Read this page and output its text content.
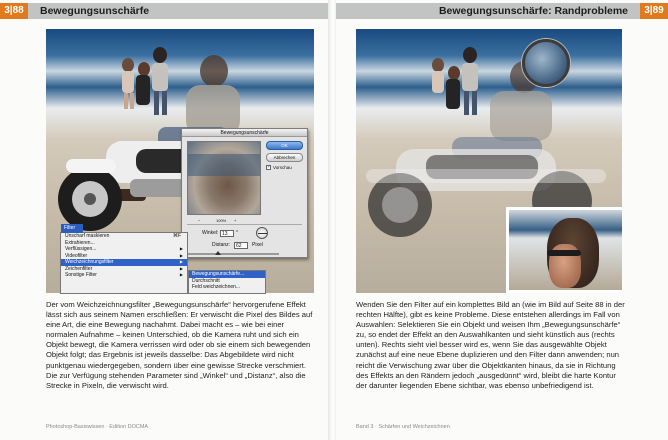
3|88	Bewegungsunschärfe
Bewegungsunschärfe
OK
Abbrechen
✓
Vorschau
−	100% +
Winkel: 13	°
Distanz:	62	Pixel
Filter
Unscharf maskieren	⌘F
Extrahieren...
Verflüssigen...	▶
Videofilter	▶
Weichzeichnungsfilter	▶
Zeichenfilter	▶
Sonstige Filter	▶	Bewegungsunschärfe...
Durchschnitt
Feld weichzeichnen...

Der vom Weichzeichnungsfilter „Bewegungsunschärfe“ hervorgerufene Effekt lässt sich aus seinem Namen erschließen: Er verwischt die Pixel des Bildes auf eine Art, die eine Bewegung nachahmt. Dabei macht es – wie bei einer normalen Aufnahme – keinen Unterschied, ob die Kamera ruht und sich ein Objekt bewegt, die Kamera verrissen wird oder ob sie einem sich bewegenden Objekt folgt; das Ergebnis ist jeweils dasselbe: Das Abgebildete wird nicht punktgenau wiedergegeben, sondern über eine gewisse Strecke verschmiert. Die zur Verfügung stehenden Parameter sind „Winkel“ und „Distanz“, also die Strecke in Pixeln, die verwischt wird.

Photoshop-Basiswissen · Edition DOCMA
3|89
Bewegungsunschärfe: Randprobleme

Wenden Sie den Filter auf ein komplettes Bild an (wie im Bild auf Seite 88 in der rechten Hälfte), gibt es keine Probleme. Diese entstehen allerdings im Fall von Auswahlen: Selektieren Sie ein Objekt und weisen Ihm „Bewegungsunschärfe“ zu, so endet der Effekt an den Auswahlkanten und sieht künstlich aus (rechts unten). Rechts sieht viel besser wird es, wenn Sie das ausgewählte Objekt zunächst auf eine neue Ebene duplizieren und den Filter dann anwenden; nun reicht die Verwischung zwar über die Objektkanten hinaus, da sie in Richtung des Effekts an den Rändern jedoch „ausgedünnt“ wird, bleibt die harte Kontur der darunter liegenden Ebene sichtbar, was ebenso unbefriedigend ist.

Band 3 · Schärfen und Weichzeichnen
